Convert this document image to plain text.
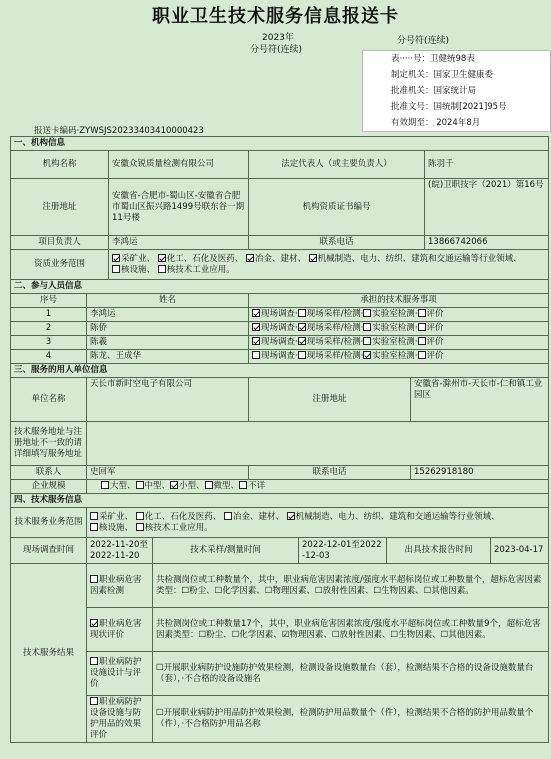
职业卫生技术服务信息报送卡
2023年	分号符(连续)
分号符(连续)
表·····号：卫健统98表
制定机关：国家卫生健康委
批准机关：国家统计局
批准文号：国统制[2021]95号
有效期至： 2024年8月
报送卡编码·ZYWSJS20233403410000423
一、机构信息									
机构名称		安徽众锐质量检测有限公司		法定代表人（或主要负责人）				陈羽千	
注册地址		安徽省-合肥市-蜀山区-安徽省合肥市蜀山区振兴路1499号联东谷一期11号楼		机构资质证书编号				(皖)卫职技字（2021）第16号	
项目负责人		李鸿运		联系电话				13866742066	
资质业务范围		采矿业、 化工、石化及医药、 冶金、建材、 机械制造、电力、纺织、建筑和交通运输等行业领域、 核设施、 核技术工业应用。							
二、参与人员信息									
序号	姓名			承担的技术服务事项					
1	李鸿运			现场调查· 现场采样/检测· 实验室检测· 评价					
2	陈侨			现场调查· 现场采样/检测· 实验室检测· 评价					
3	陈羲			现场调查· 现场采样/检测· 实验室检测· 评价					
4	陈龙、王成华			现场调查· 现场采样/检测· 实验室检测· 评价					
三、服务的用人单位信息									
单位名称	天长市新时空电子有限公司			注册地址			安徽省-滁州市-天长市-仁和镇工业园区		
技术服务地址与注册地址不一致的请详细填写服务地址									
联系人	史回军			联系电话			15262918180		
企业规模	大型、 中型、 小型、 微型、 不详								
四、技术服务信息									
技术服务业务范围	采矿业、 化工、石化及医药、 冶金、建材、 机械制造、电力、纺织、建筑和交通运输等行业领域、 核设施、 核技术工业应用。								
现场调查时间	2022-11-20至2022-11-20		技术采样/测量时间		2022-12-01至2022-12-03	出具技术报告时间			2023-04-17
技术服务结果	职业病危害因素检测		共检测岗位或工种数量个，其中，职业病危害因素浓度/强度水平超标岗位或工种数量个，超标危害因素类型：☐粉尘、☐化学因素、☐物理因素、☐放射性因素、☐生物因素、☐其他因素。						
	职业病危害现状评价		共检测岗位或工种数量17个，其中，职业病危害因素浓度/强度水平超标岗位或工种数量9个，超标危害因素类型：☐粉尘、☐化学因素、☑物理因素、☐放射性因素、☐生物因素、☐其他因素。						
	职业病防护设施设计与评价		☐开展职业病防护设施防护效果检测，检测设备设施数量台（套），检测结果不合格的设备设施数量台（套），·不合格的设备设施名						
	职业病防护设备设施与防护用品的效果评价		☐开展职业病防护用品防护效果检测，检测防护用品数量个（件），检测结果不合格的防护用品数量个（件），·不合格防护用品名称						
